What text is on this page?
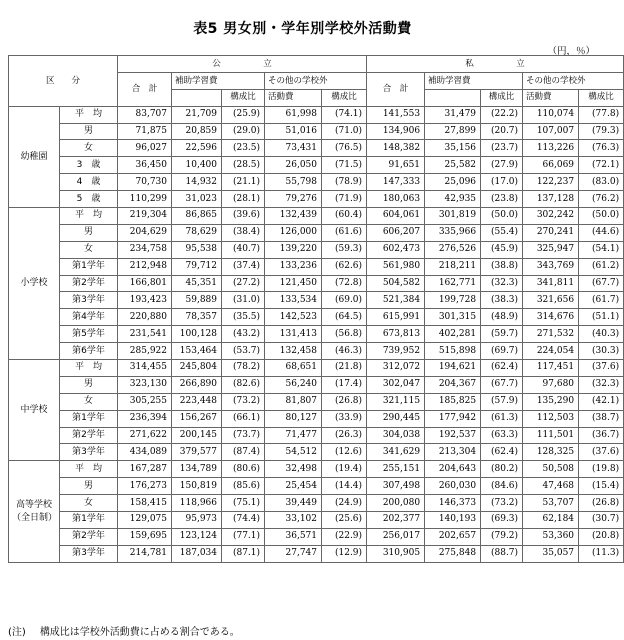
表5 男女別・学年別学校外活動費
（円，％）
区　　分		公　　　　　立					私　　　　　立				
		合　計	補助学習費		その他の学校外		合　計	補助学習費		その他の学校外	
				構成比	活動費	構成比			構成比	活動費	構成比
幼稚園	平　均	83,707	21,709	(25.9)	61,998	(74.1)	141,553	31,479	(22.2)	110,074	(77.8)
	男	71,875	20,859	(29.0)	51,016	(71.0)	134,906	27,899	(20.7)	107,007	(79.3)
	女	96,027	22,596	(23.5)	73,431	(76.5)	148,382	35,156	(23.7)	113,226	(76.3)
	3　歳	36,450	10,400	(28.5)	26,050	(71.5)	91,651	25,582	(27.9)	66,069	(72.1)
	4　歳	70,730	14,932	(21.1)	55,798	(78.9)	147,333	25,096	(17.0)	122,237	(83.0)
	5　歳	110,299	31,023	(28.1)	79,276	(71.9)	180,063	42,935	(23.8)	137,128	(76.2)
小学校	平　均	219,304	86,865	(39.6)	132,439	(60.4)	604,061	301,819	(50.0)	302,242	(50.0)
	男	204,629	78,629	(38.4)	126,000	(61.6)	606,207	335,966	(55.4)	270,241	(44.6)
	女	234,758	95,538	(40.7)	139,220	(59.3)	602,473	276,526	(45.9)	325,947	(54.1)
	第1学年	212,948	79,712	(37.4)	133,236	(62.6)	561,980	218,211	(38.8)	343,769	(61.2)
	第2学年	166,801	45,351	(27.2)	121,450	(72.8)	504,582	162,771	(32.3)	341,811	(67.7)
	第3学年	193,423	59,889	(31.0)	133,534	(69.0)	521,384	199,728	(38.3)	321,656	(61.7)
	第4学年	220,880	78,357	(35.5)	142,523	(64.5)	615,991	301,315	(48.9)	314,676	(51.1)
	第5学年	231,541	100,128	(43.2)	131,413	(56.8)	673,813	402,281	(59.7)	271,532	(40.3)
	第6学年	285,922	153,464	(53.7)	132,458	(46.3)	739,952	515,898	(69.7)	224,054	(30.3)
中学校	平　均	314,455	245,804	(78.2)	68,651	(21.8)	312,072	194,621	(62.4)	117,451	(37.6)
	男	323,130	266,890	(82.6)	56,240	(17.4)	302,047	204,367	(67.7)	97,680	(32.3)
	女	305,255	223,448	(73.2)	81,807	(26.8)	321,115	185,825	(57.9)	135,290	(42.1)
	第1学年	236,394	156,267	(66.1)	80,127	(33.9)	290,445	177,942	(61.3)	112,503	(38.7)
	第2学年	271,622	200,145	(73.7)	71,477	(26.3)	304,038	192,537	(63.3)	111,501	(36.7)
	第3学年	434,089	379,577	(87.4)	54,512	(12.6)	341,629	213,304	(62.4)	128,325	(37.6)
高等学校
（全日制）	平　均	167,287	134,789	(80.6)	32,498	(19.4)	255,151	204,643	(80.2)	50,508	(19.8)
	男	176,273	150,819	(85.6)	25,454	(14.4)	307,498	260,030	(84.6)	47,468	(15.4)
	女	158,415	118,966	(75.1)	39,449	(24.9)	200,080	146,373	(73.2)	53,707	(26.8)
	第1学年	129,075	95,973	(74.4)	33,102	(25.6)	202,377	140,193	(69.3)	62,184	(30.7)
	第2学年	159,695	123,124	(77.1)	36,571	(22.9)	256,017	202,657	(79.2)	53,360	(20.8)
	第3学年	214,781	187,034	(87.1)	27,747	(12.9)	310,905	275,848	(88.7)	35,057	(11.3)
(注) 構成比は学校外活動費に占める割合である。
